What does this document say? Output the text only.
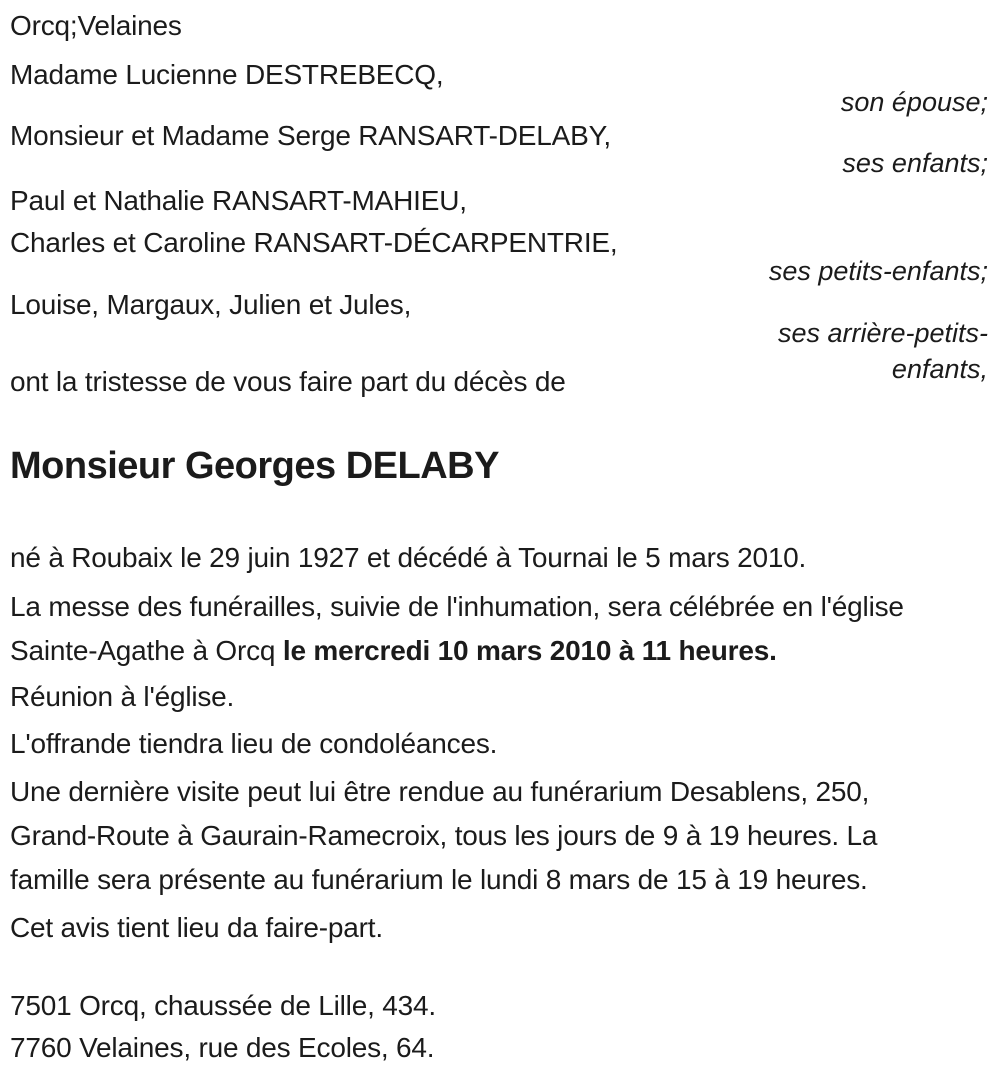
Orcq;Velaines
Madame Lucienne DESTREBECQ,
son épouse;
Monsieur et Madame Serge RANSART-DELABY,
ses enfants;
Paul et Nathalie RANSART-MAHIEU,
Charles et Caroline RANSART-DÉCARPENTRIE,
ses petits-enfants;
Louise, Margaux, Julien et Jules,
ses arrière-petits-enfants,
ont la tristesse de vous faire part du décès de
Monsieur Georges DELABY

né à Roubaix le 29 juin 1927 et décédé à Tournai le 5 mars 2010.

La messe des funérailles, suivie de l'inhumation, sera célébrée en l'église
Sainte-Agathe à Orcq le mercredi 10 mars 2010 à 11 heures.

Réunion à l'église.

L'offrande tiendra lieu de condoléances.

Une dernière visite peut lui être rendue au funérarium Desablens, 250,
Grand-Route à Gaurain-Ramecroix, tous les jours de 9 à 19 heures. La
famille sera présente au funérarium le lundi 8 mars de 15 à 19 heures.

Cet avis tient lieu da faire-part.

7501 Orcq, chaussée de Lille, 434.
7760 Velaines, rue des Ecoles, 64.
